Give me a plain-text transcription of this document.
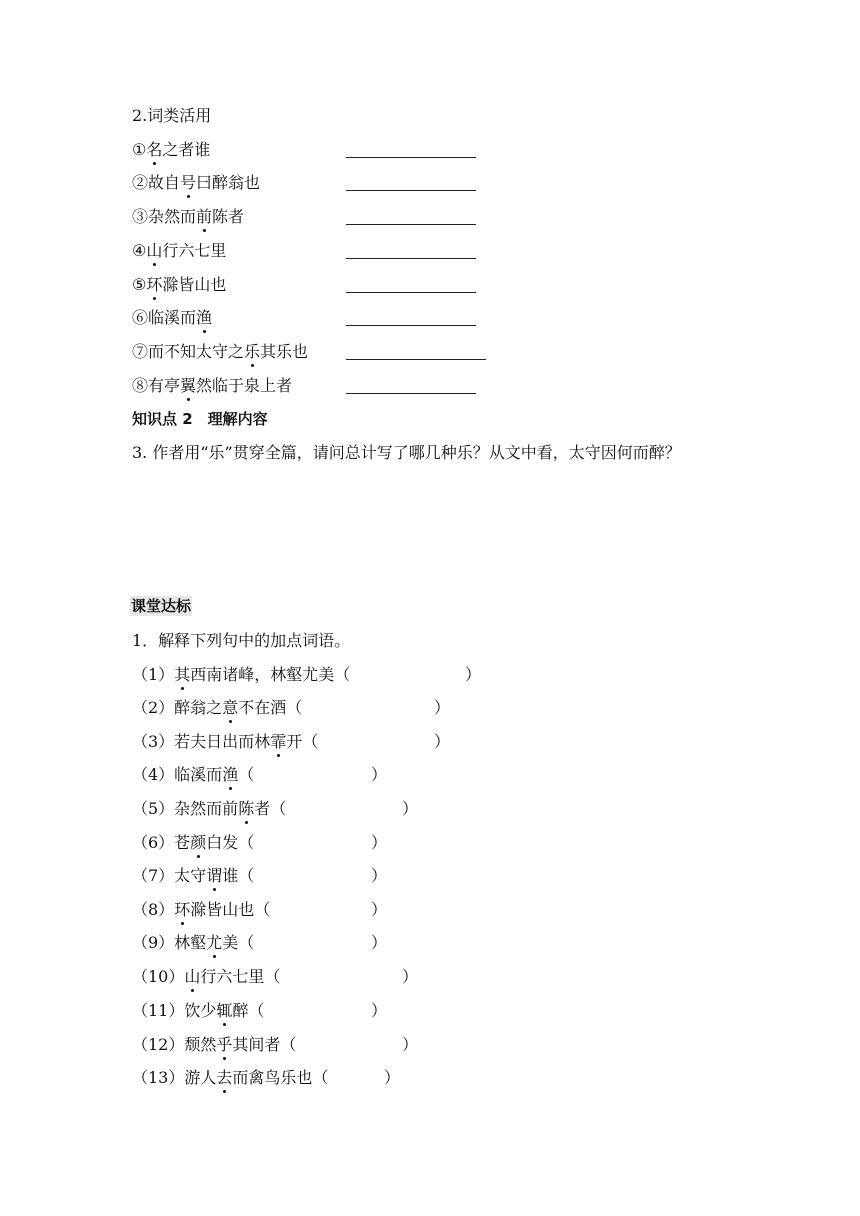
2.词类活用
①名之者谁
②故自号曰醉翁也
③杂然而前陈者
④山行六七里
⑤环滁皆山也
⑥临溪而渔
⑦而不知太守之乐其乐也
⑧有亭翼然临于泉上者
知识点 2　理解内容
3. 作者用“乐”贯穿全篇，请问总计写了哪几种乐？从文中看，太守因何而醉？
课堂达标
1．解释下列句中的加点词语。
（1）其西南诸峰，林壑尤美（	）
（2）醉翁之意不在酒（	）
（3）若夫日出而林霏开（	）
（4）临溪而渔（	）
（5）杂然而前陈者（	）
（6）苍颜白发（	）
（7）太守谓谁（	）
（8）环滁皆山也（	）
（9）林壑尤美（	）
（10）山行六七里（	）
（11）饮少辄醉（	）
（12）颓然乎其间者（	）
（13）游人去而禽鸟乐也（	）
